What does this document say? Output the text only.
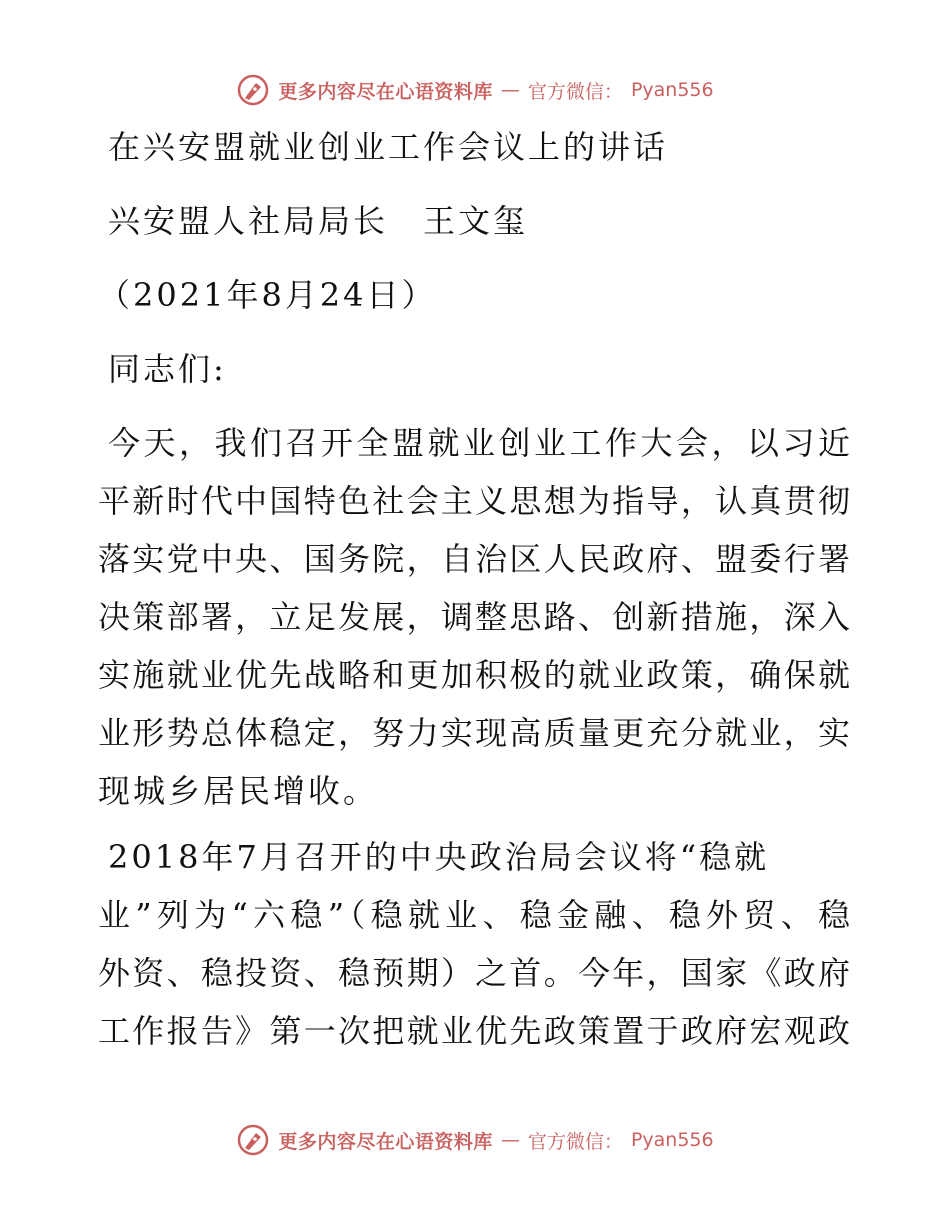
更多内容尽在心语资料库 — 官方微信： Pyan556
在兴安盟就业创业工作会议上的讲话
兴安盟人社局局长　王文玺
（2021年8月24日）
同志们:
今天，我们召开全盟就业创业工作大会，以习近
平新时代中国特色社会主义思想为指导，认真贯彻
落实党中央、国务院，自治区人民政府、盟委行署
决策部署，立足发展，调整思路、创新措施，深入
实施就业优先战略和更加积极的就业政策，确保就
业形势总体稳定，努力实现高质量更充分就业，实
现城乡居民增收。
2018年7月召开的中央政治局会议将“稳就
业”列为“六稳”（稳就业、稳金融、稳外贸、稳
外资、稳投资、稳预期）之首。今年，国家《政府
工作报告》第一次把就业优先政策置于政府宏观政
更多内容尽在心语资料库 — 官方微信： Pyan556
